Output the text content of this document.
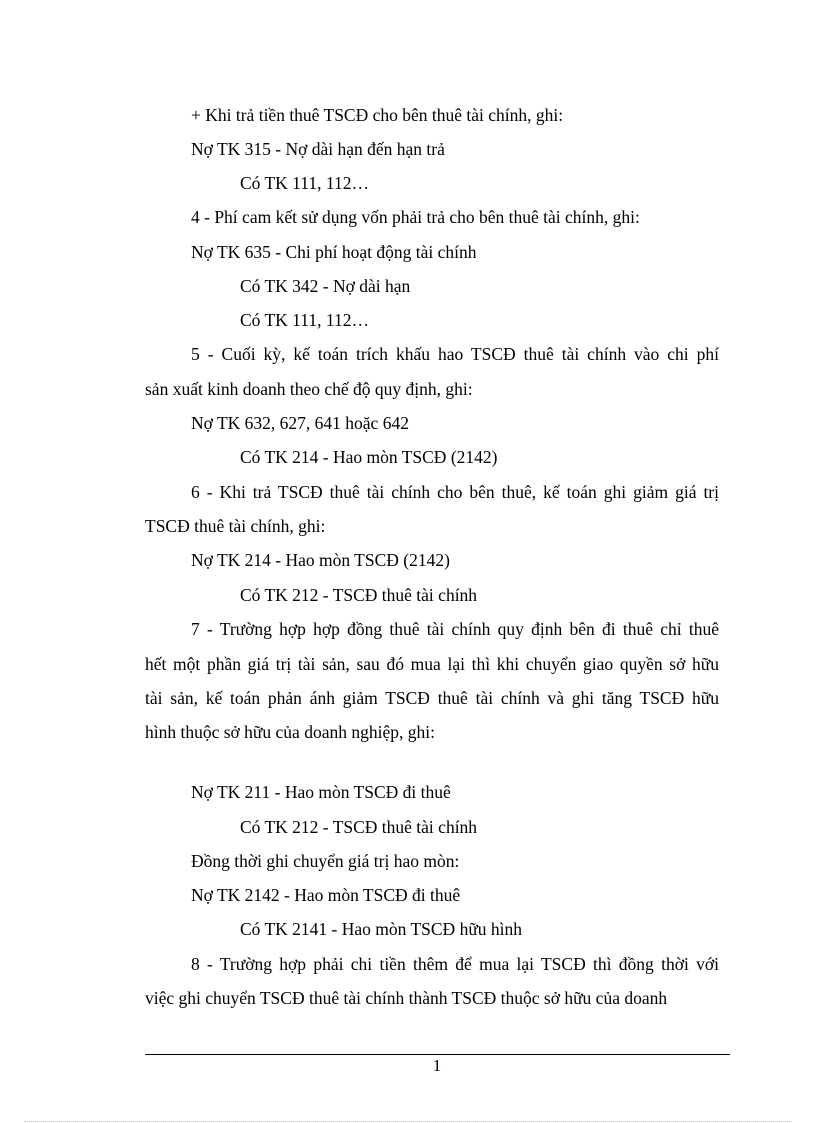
+ Khi trả tiền thuê TSCĐ cho bên thuê tài chính, ghi:
Nợ TK 315 - Nợ dài hạn đến hạn trả
Có TK 111, 112…
4 - Phí cam kết sử dụng vốn phải trả cho bên thuê tài chính, ghi:
Nợ TK 635 - Chi phí hoạt động tài chính
Có TK 342 - Nợ dài hạn
Có TK 111, 112…
5 - Cuối kỳ, kế toán trích khấu hao TSCĐ thuê tài chính vào chi phí
sản xuất kinh doanh theo chế độ quy định, ghi:
Nợ TK 632, 627, 641 hoặc 642
Có TK 214 - Hao mòn TSCĐ (2142)
6 - Khi trả TSCĐ thuê tài chính cho bên thuê, kế toán ghi giảm giá trị
TSCĐ thuê tài chính, ghi:
Nợ TK 214 - Hao mòn TSCĐ (2142)
Có TK 212 - TSCĐ thuê tài chính
7 - Trường hợp hợp đồng thuê tài chính quy định bên đi thuê chỉ thuê
hết một phần giá trị tài sản, sau đó mua lại thì khi chuyển giao quyền sở hữu
tài sản, kế toán phản ánh giảm TSCĐ thuê tài chính và ghi tăng TSCĐ hữu
hình thuộc sở hữu của doanh nghiệp, ghi:
Nợ TK 211 - Hao mòn TSCĐ đi thuê
Có TK 212 - TSCĐ thuê tài chính
Đồng thời ghi chuyển giá trị hao mòn:
Nợ TK 2142 - Hao mòn TSCĐ đi thuê
Có TK 2141 - Hao mòn TSCĐ hữu hình
8 - Trường hợp phải chi tiền thêm để mua lại TSCĐ thì đồng thời với
việc ghi chuyển TSCĐ thuê tài chính thành TSCĐ thuộc sở hữu của doanh
1
